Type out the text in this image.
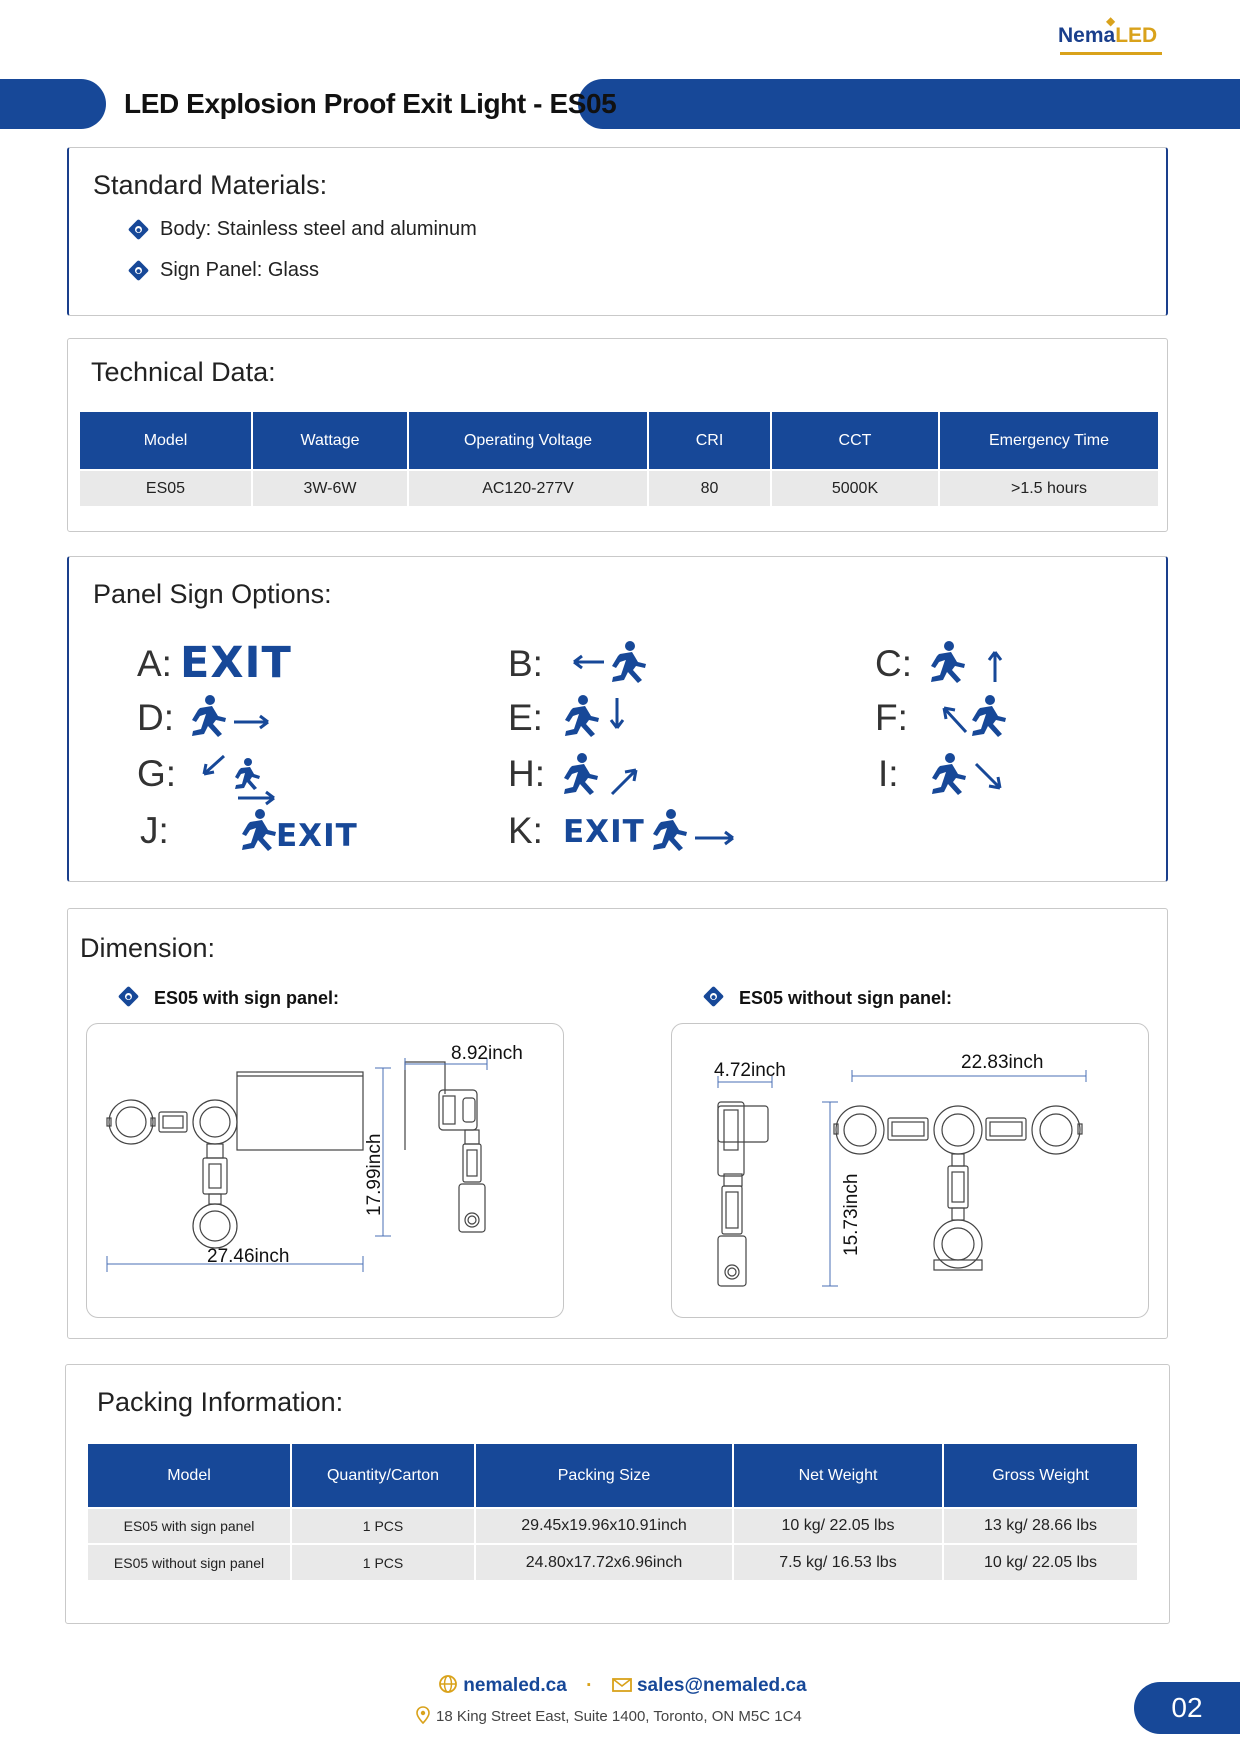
◆
NemaLED
LED Explosion Proof Exit Light - ES05
Standard Materials:
Body: Stainless steel and aluminum
Sign Panel: Glass
Technical Data:
Model	Wattage	Operating Voltage	CRI	CCT	Emergency Time
ES05	3W-6W	AC120-277V	80	5000K	>1.5 hours
Panel Sign Options:
A: EXIT	B:	C:
D:	E:	F:
G:	H:	I:
J:	EXIT	K: EXIT
Dimension:
ES05 with sign panel:	ES05 without sign panel:
27.46inch
17.99inch
8.92inch
4.72inch	22.83inch
15.73inch
Packing Information:
Model	Quantity/Carton	Packing Size	Net Weight	Gross Weight
ES05 with sign panel	1 PCS	29.45x19.96x10.91inch	10 kg/ 22.05 lbs	13 kg/ 28.66 lbs
ES05 without sign panel	1 PCS	24.80x17.72x6.96inch	7.5 kg/ 16.53 lbs	10 kg/ 22.05 lbs
nemaled.ca · sales@nemaled.ca
18 King Street East, Suite 1400, Toronto, ON M5C 1C4	02
